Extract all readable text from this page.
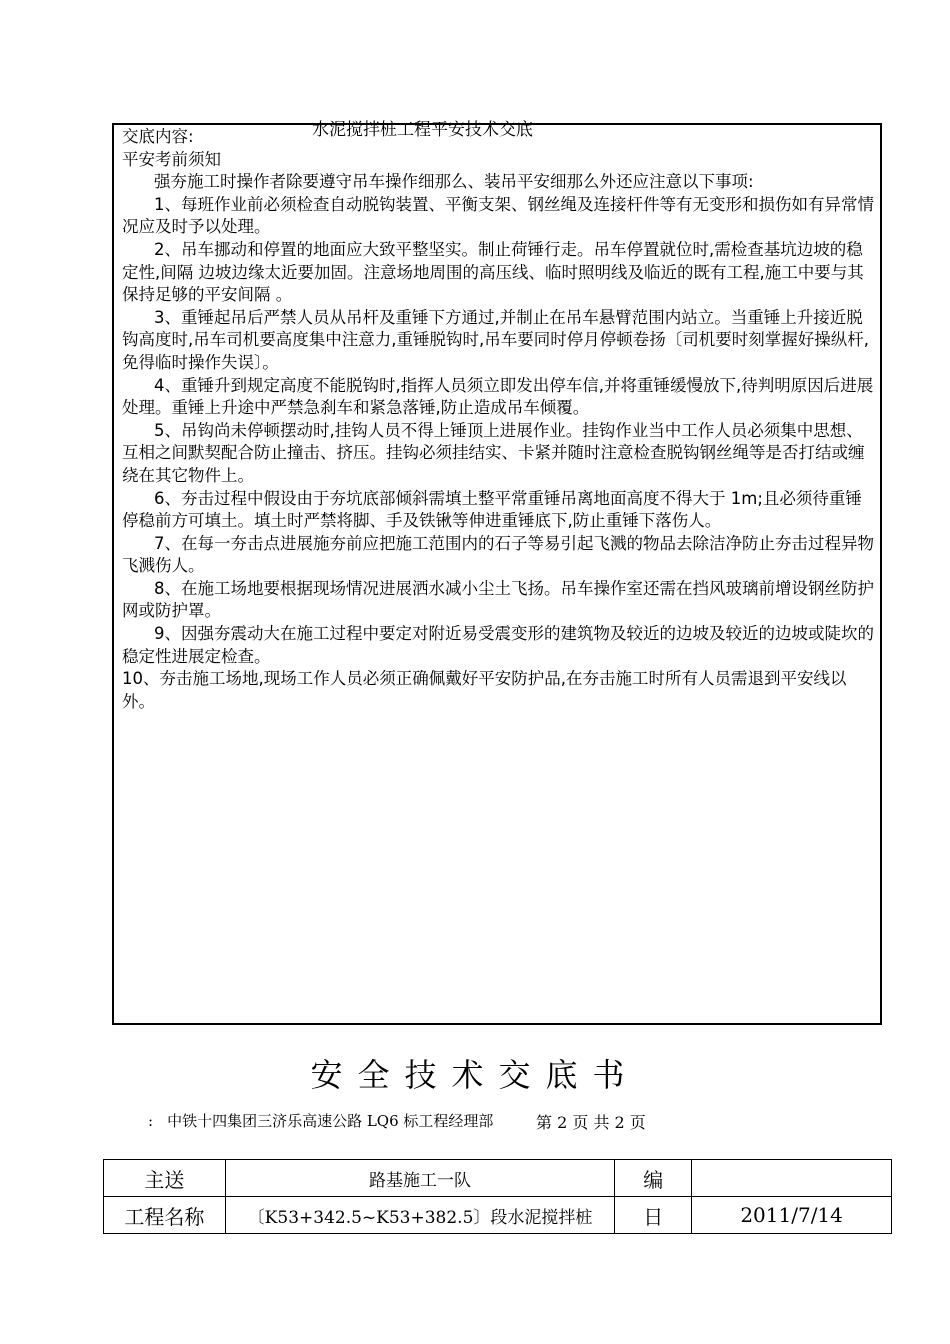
水泥搅拌桩工程平安技术交底

交底内容:

平安考前须知

强夯施工时操作者除要遵守吊车操作细那么、装吊平安细那么外还应注意以下事项:

1、每班作业前必须检查自动脱钩装置、平衡支架、钢丝绳及连接杆件等有无变形和损伤如有异常情况应及时予以处理。

2、吊车挪动和停置的地面应大致平整坚实。制止荷锤行走。吊车停置就位时,需检查基坑边坡的稳定性,间隔 边坡边缘太近要加固。注意场地周围的高压线、临时照明线及临近的既有工程,施工中要与其保持足够的平安间隔 。

3、重锤起吊后严禁人员从吊杆及重锤下方通过,并制止在吊车悬臂范围内站立。当重锤上升接近脱钩高度时,吊车司机要高度集中注意力,重锤脱钩时,吊车要同时停月停顿卷扬〔司机要时刻掌握好操纵杆,免得临时操作失误〕。

4、重锤升到规定高度不能脱钩时,指挥人员须立即发出停车信,并将重锤缓慢放下,待判明原因后进展处理。重锤上升途中严禁急刹车和紧急落锤,防止造成吊车倾覆。

5、吊钩尚未停顿摆动时,挂钩人员不得上锤顶上进展作业。挂钩作业当中工作人员必须集中思想、互相之间默契配合防止撞击、挤压。挂钩必须挂结实、卡紧并随时注意检查脱钩钢丝绳等是否打结或缠绕在其它物件上。

6、夯击过程中假设由于夯坑底部倾斜需填土整平常重锤吊离地面高度不得大于 1m;且必须待重锤停稳前方可填土。填土时严禁将脚、手及铁锹等伸进重锤底下,防止重锤下落伤人。

7、在每一夯击点进展施夯前应把施工范围内的石子等易引起飞溅的物品去除洁净防止夯击过程异物飞溅伤人。

8、在施工场地要根据现场情况进展洒水减小尘土飞扬。吊车操作室还需在挡风玻璃前增设钢丝防护网或防护罩。

9、因强夯震动大在施工过程中要定对附近易受震变形的建筑物及较近的边坡及较近的边坡或陡坎的稳定性进展定检查。

10、夯击施工场地,现场工作人员必须正确佩戴好平安防护品,在夯击施工时所有人员需退到平安线以外。

安全技术交底书
: 中铁十四集团三济乐高速公路 LQ6 标工程经理部	第 2 页 共 2 页
主送	路基施工一队	编	
工程名称	〔K53+342.5~K53+382.5〕段水泥搅拌桩	日	2011/7/14
